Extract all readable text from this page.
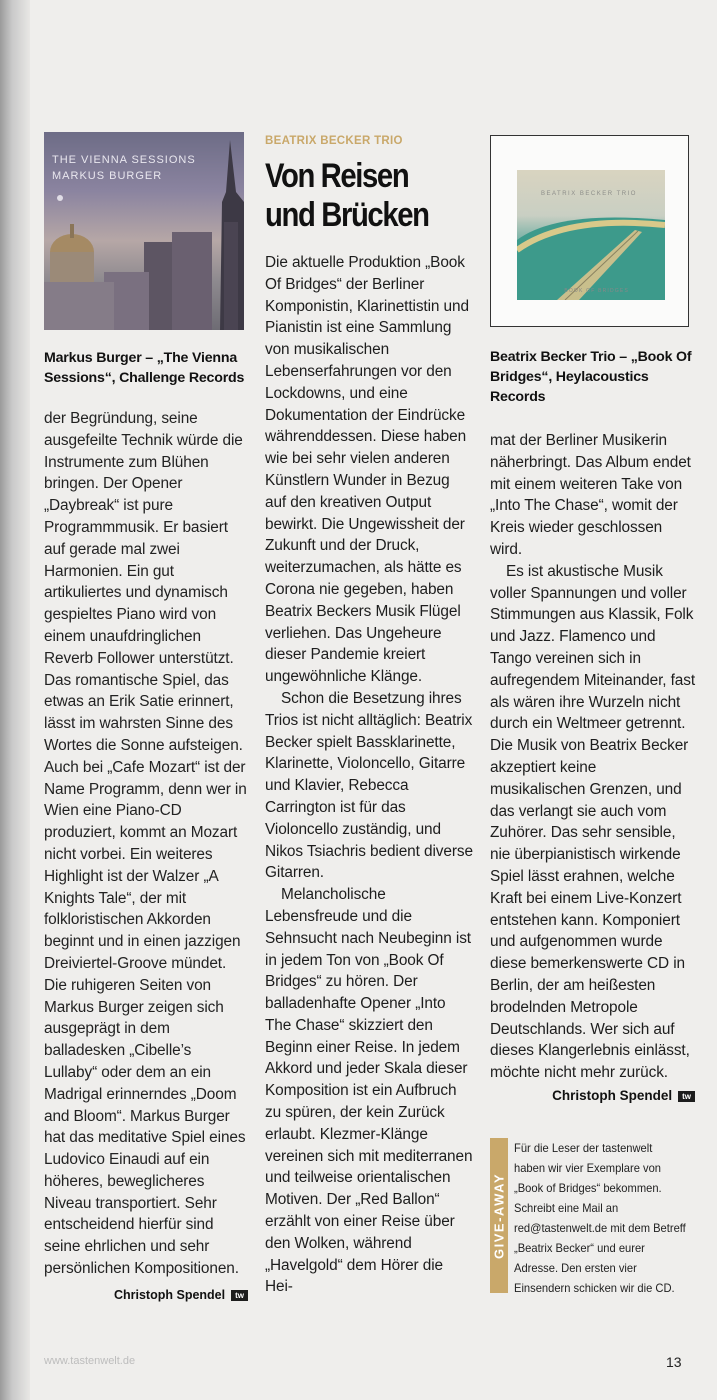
THE VIENNA SESSIONS
MARKUS BURGER
Markus Burger – „The Vienna Sessions“, Challenge Records

der Begründung, seine ausgefeilte Technik würde die Instrumente zum Blühen bringen. Der Opener „Daybreak“ ist pure Programmmusik. Er basiert auf gerade mal zwei Harmonien. Ein gut artikuliertes und dynamisch gespieltes Piano wird von einem unaufdringlichen Reverb Follower unterstützt. Das romantische Spiel, das etwas an Erik Satie erinnert, lässt im wahrsten Sinne des Wortes die Sonne aufsteigen. Auch bei „Cafe Mozart“ ist der Name Programm, denn wer in Wien eine Piano-CD produziert, kommt an Mozart nicht vorbei. Ein weiteres Highlight ist der Walzer „A Knights Tale“, der mit folkloristischen Akkorden beginnt und in einen jazzigen Dreiviertel-Groove mündet. Die ruhigeren Seiten von Markus Burger zeigen sich ausgeprägt in dem balladesken „Cibelle’s Lullaby“ oder dem an ein Madrigal erinnerndes „Doom and Bloom“. Markus Burger hat das meditative Spiel eines Ludovico Einaudi auf ein höheres, beweglicheres Niveau transportiert. Sehr entscheidend hierfür sind seine ehrlichen und sehr persönlichen Kompositionen.

Christoph Spendel tw
BEATRIX BECKER TRIO
Von Reisen und Brücken

Die aktuelle Produktion „Book Of Bridges“ der Berliner Komponistin, Klarinettistin und Pianistin ist eine Sammlung von musikalischen Lebenserfahrungen vor den Lockdowns, und eine Dokumentation der Eindrücke währenddessen. Diese haben wie bei sehr vielen anderen Künstlern Wunder in Bezug auf den kreativen Output bewirkt. Die Ungewissheit der Zukunft und der Druck, weiterzumachen, als hätte es Corona nie gegeben, haben Beatrix Beckers Musik Flügel verliehen. Das Ungeheure dieser Pandemie kreiert ungewöhnliche Klänge.

Schon die Besetzung ihres Trios ist nicht alltäglich: Beatrix Becker spielt Bassklarinette, Klarinette, Violoncello, Gitarre und Klavier, Rebecca Carrington ist für das Violoncello zuständig, und Nikos Tsiachris bedient diverse Gitarren.

Melancholische Lebensfreude und die Sehnsucht nach Neubeginn ist in jedem Ton von „Book Of Bridges“ zu hören. Der balladenhafte Opener „Into The Chase“ skizziert den Beginn einer Reise. In jedem Akkord und jeder Skala dieser Komposition ist ein Aufbruch zu spüren, der kein Zurück erlaubt. Klezmer-Klänge vereinen sich mit mediterranen und teilweise orientalischen Motiven. Der „Red Ballon“ erzählt von einer Reise über den Wolken, während „Havelgold“ dem Hörer die Hei-

BEATRIX BECKER TRIO
BOOK OF BRIDGES
Beatrix Becker Trio – „Book Of Bridges“, Heylacoustics Records

mat der Berliner Musikerin näherbringt. Das Album endet mit einem weiteren Take von „Into The Chase“, womit der Kreis wieder geschlossen wird.

Es ist akustische Musik voller Spannungen und voller Stimmungen aus Klassik, Folk und Jazz. Flamenco und Tango vereinen sich in aufregendem Miteinander, fast als wären ihre Wurzeln nicht durch ein Weltmeer getrennt. Die Musik von Beatrix Becker akzeptiert keine musikalischen Grenzen, und das verlangt sie auch vom Zuhörer. Das sehr sensible, nie überpianistisch wirkende Spiel lässt erahnen, welche Kraft bei einem Live-Konzert entstehen kann. Komponiert und aufgenommen wurde diese bemerkenswerte CD in Berlin, der am heißesten brodelnden Metropole Deutschlands. Wer sich auf dieses Klangerlebnis einlässt, möchte nicht mehr zurück.

Christoph Spendel tw
GIVE-AWAY
Für die Leser der tastenwelt haben wir vier Exemplare von „Book of Bridges“ bekommen. Schreibt eine Mail an red@tastenwelt.de mit dem Betreff „Beatrix Becker“ und eurer Adresse. Den ersten vier Einsendern schicken wir die CD.
www.tastenwelt.de	13
